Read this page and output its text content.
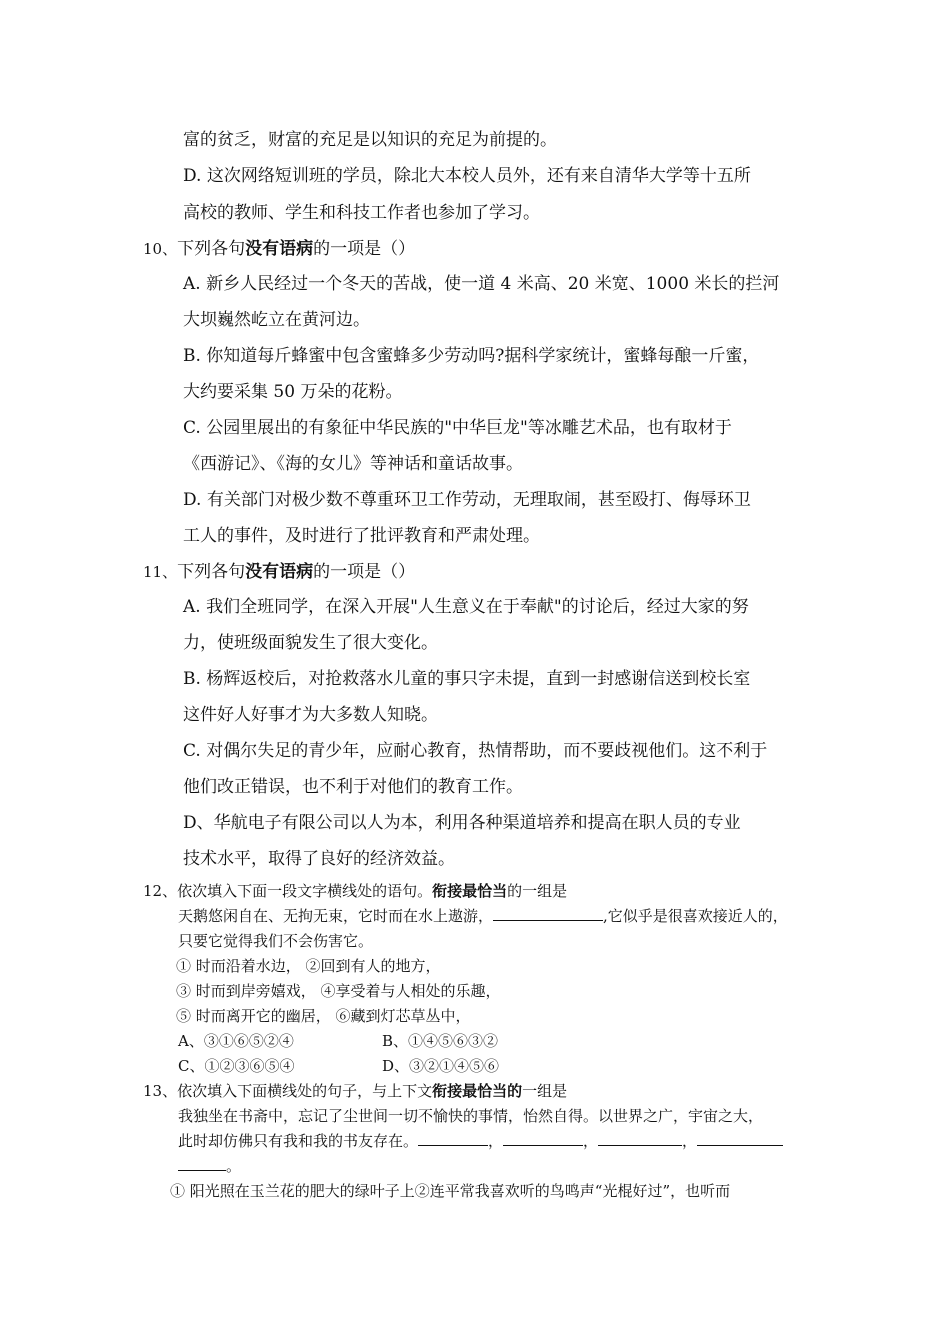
富的贫乏，财富的充足是以知识的充足为前提的。
D. 这次网络短训班的学员，除北大本校人员外，还有来自清华大学等十五所
高校的教师、学生和科技工作者也参加了学习。
10、下列各句没有语病的一项是（）
A. 新乡人民经过一个冬天的苦战，使一道 4 米高、20 米宽、1000 米长的拦河
大坝巍然屹立在黄河边。
B. 你知道每斤蜂蜜中包含蜜蜂多少劳动吗?据科学家统计，蜜蜂每酿一斤蜜，
大约要采集 50 万朵的花粉。
C. 公园里展出的有象征中华民族的"中华巨龙"等冰雕艺术品，也有取材于
《西游记》、《海的女儿》等神话和童话故事。
D. 有关部门对极少数不尊重环卫工作劳动，无理取闹，甚至殴打、侮辱环卫
工人的事件，及时进行了批评教育和严肃处理。
11、下列各句没有语病的一项是（）
A. 我们全班同学，在深入开展"人生意义在于奉献"的讨论后，经过大家的努
力，使班级面貌发生了很大变化。
B. 杨辉返校后，对抢救落水儿童的事只字未提，直到一封感谢信送到校长室
这件好人好事才为大多数人知晓。
C. 对偶尔失足的青少年，应耐心教育，热情帮助，而不要歧视他们。这不利于
他们改正错误，也不利于对他们的教育工作。
D、华航电子有限公司以人为本，利用各种渠道培养和提高在职人员的专业
技术水平，取得了良好的经济效益。
12、依次填入下面一段文字横线处的语句。衔接最恰当的一组是
天鹅悠闲自在、无拘无束，它时而在水上遨游，	,它似乎是很喜欢接近人的，
只要它觉得我们不会伤害它。
① 时而沿着水边， ②回到有人的地方，
③ 时而到岸旁嬉戏， ④享受着与人相处的乐趣，
⑤ 时而离开它的幽居， ⑥藏到灯芯草丛中，
A、③①⑥⑤②④	B、①④⑤⑥③②
C、①②③⑥⑤④	D、③②①④⑤⑥
13、依次填入下面横线处的句子，与上下文衔接最恰当的一组是
我独坐在书斋中，忘记了尘世间一切不愉快的事情，怡然自得。以世界之广，宇宙之大，
此时却仿佛只有我和我的书友存在。	，	，	，
。
① 阳光照在玉兰花的肥大的绿叶子上②连平常我喜欢听的鸟鸣声“光棍好过”，也听而
